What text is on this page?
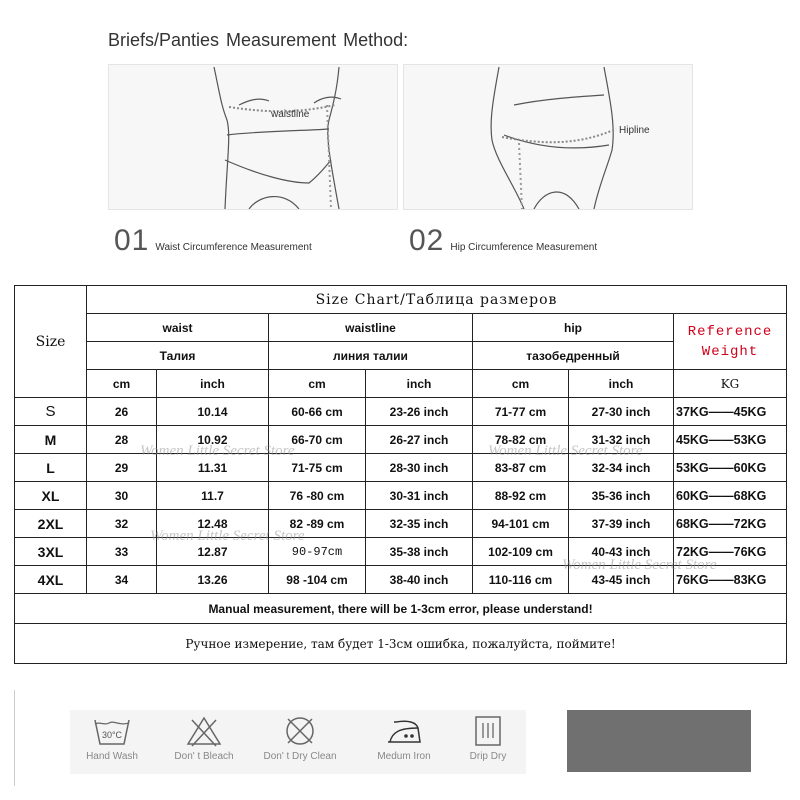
Briefs/Panties Measurement Method:
waistline
01 Waist Circumference Measurement
Hipline
02 Hip Circumference Measurement
Size	Size Chart/Таблица размеров						
	waist		waistline		hip		Reference
Weight

	Талия		линия талии		тазобедренный		
	cm	inch	cm	inch	cm	inch	KG
S	26	10.14	60-66 cm	23-26 inch	71-77 cm	27-30 inch	37KG——45KG
M	28	10.92	66-70 cm	26-27 inch	78-82 cm	31-32 inch	45KG——53KG
L	29	11.31	71-75 cm	28-30 inch	83-87 cm	32-34 inch	53KG——60KG
XL	30	11.7	76 -80 cm	30-31 inch	88-92 cm	35-36 inch	60KG——68KG
2XL	32	12.48	82 -89 cm	32-35 inch	94-101 cm	37-39 inch	68KG——72KG
3XL	33	12.87	90-97cm	35-38 inch	102-109 cm	40-43 inch	72KG——76KG
4XL	34	13.26	98 -104 cm	38-40 inch	110-116 cm	43-45 inch	76KG——83KG
Manual measurement, there will be 1-3cm error, please understand!							
Ручное измерение, там будет 1-3см ошибка, пожалуйста, поймите!							
Women Little Secret Store	Women Little Secret Store
Women Little Secret Store
Women Little Secret Store
30°C
Hand Wash	Don' t Bleach	Don' t Dry Clean	Medum Iron	Drip Dry
